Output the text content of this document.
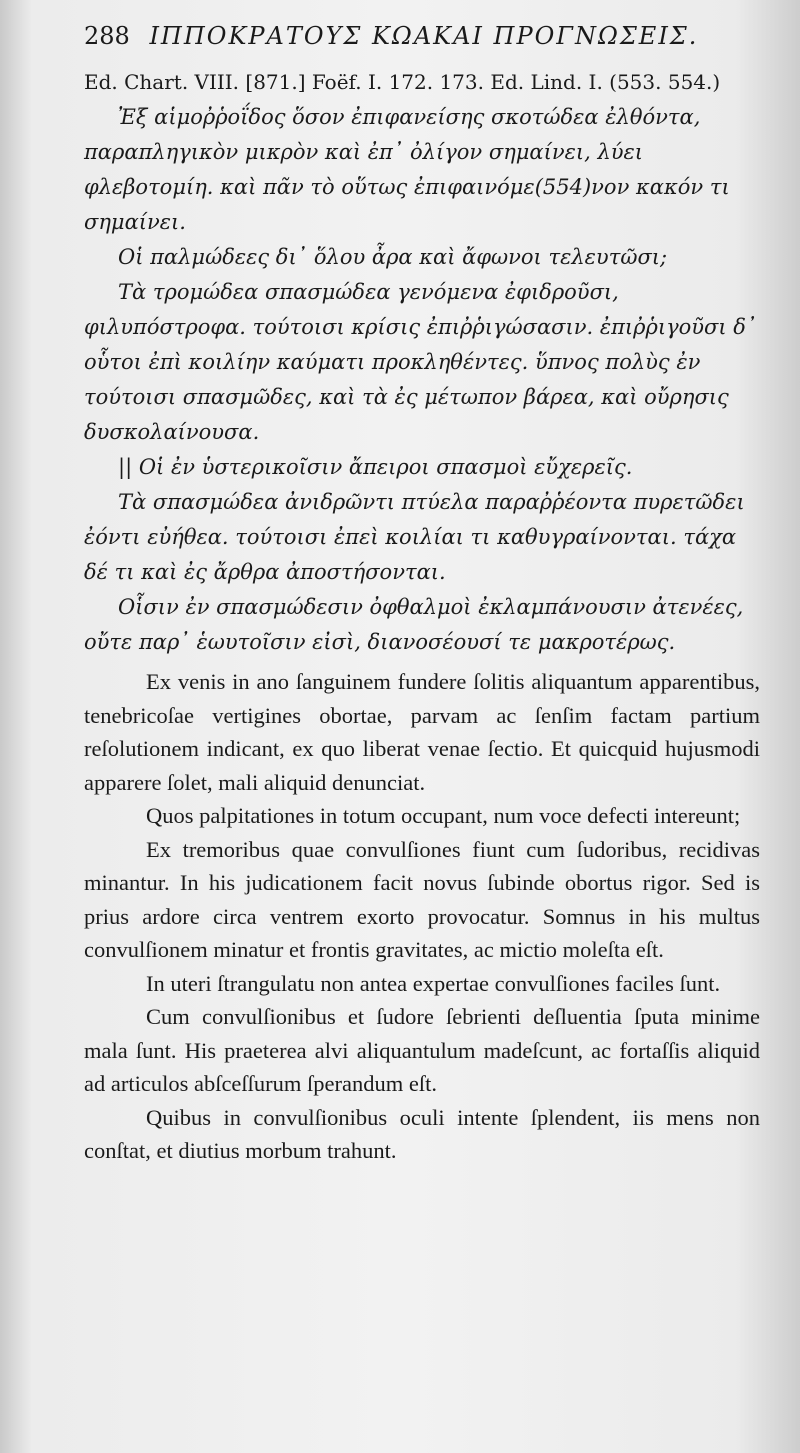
288 ΙΠΠΟΚΡΑΤΟΥΣ ΚΩΑΚΑΙ ΠΡΟΓΝΩΣΕΙΣ.
Ed. Chart. VIII. [871.] Foëf. I. 172. 173. Ed. Lind. I. (553. 554.)

Ἐξ αἱμοῤῥοΐδος ὅσον ἐπιφανείσης σκοτώδεα ἐλθόντα, παραπληγικὸν μικρὸν καὶ ἐπ᾽ ὀλίγον σημαίνει, λύει φλεβοτομίη. καὶ πᾶν τὸ οὕτως ἐπιφαινόμε(554)νον κακόν τι σημαίνει.

Οἱ παλμώδεες δι᾽ ὅλου ἆρα καὶ ἄφωνοι τελευτῶσι;

Τὰ τρομώδεα σπασμώδεα γενόμενα ἐφιδροῦσι, φιλυπόστροφα. τούτοισι κρίσις ἐπιῤῥιγώσασιν. ἐπιῤῥιγοῦσι δ᾽ οὗτοι ἐπὶ κοιλίην καύματι προκληθέντες. ὕπνος πολὺς ἐν τούτοισι σπασμῶδες, καὶ τὰ ἐς μέτωπον βάρεα, καὶ οὔρησις δυσκολαίνουσα.

|| Οἱ ἐν ὑστερικοῖσιν ἄπειροι σπασμοὶ εὔχερεῖς.

Τὰ σπασμώδεα ἀνιδρῶντι πτύελα παραῤῥέοντα πυρετῶδει ἐόντι εὐήθεα. τούτοισι ἐπεὶ κοιλίαι τι καθυγραίνονται. τάχα δέ τι καὶ ἐς ἄρθρα ἀποστήσονται.

Οἷσιν ἐν σπασμώδεσιν ὀφθαλμοὶ ἐκλαμπάνουσιν ἀτενέες, οὔτε παρ᾽ ἑωυτοῖσιν εἰσὶ, διανοσέουσί τε μακροτέρως.

Ex venis in ano ſanguinem fundere ſolitis aliquantum apparentibus, tenebricoſae vertigines obortae, parvam ac ſenſim factam partium reſolutionem indicant, ex quo liberat venae ſectio. Et quicquid hujusmodi apparere ſolet, mali aliquid denunciat.

Quos palpitationes in totum occupant, num voce defecti intereunt;

Ex tremoribus quae convulſiones fiunt cum ſudoribus, recidivas minantur. In his judicationem facit novus ſubinde obortus rigor. Sed is prius ardore circa ventrem exorto provocatur. Somnus in his multus convulſionem minatur et frontis gravitates, ac mictio moleſta eſt.

In uteri ſtrangulatu non antea expertae convulſiones faciles ſunt.

Cum convulſionibus et ſudore ſebrienti deſluentia ſputa minime mala ſunt. His praeterea alvi aliquantulum madeſcunt, ac fortaſſis aliquid ad articulos abſceſſurum ſperandum eſt.

Quibus in convulſionibus oculi intente ſplendent, iis mens non conſtat, et diutius morbum trahunt.
